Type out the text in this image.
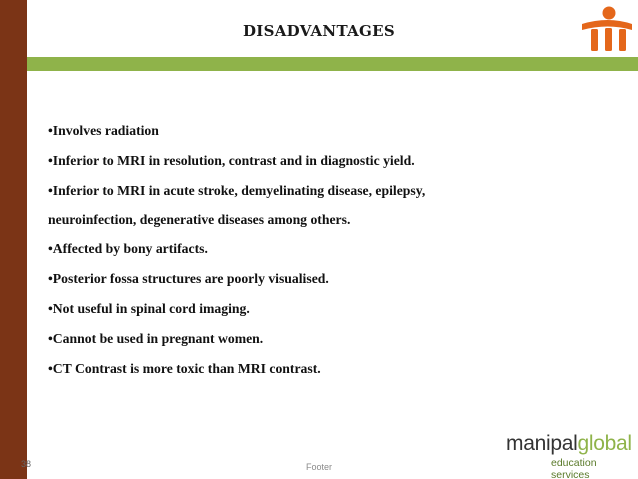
DISADVANTAGES
•Involves radiation
•Inferior to MRI in resolution, contrast and in diagnostic yield.
•Inferior to MRI in acute stroke, demyelinating disease, epilepsy,
neuroinfection, degenerative diseases among others.
•Affected by bony artifacts.
•Posterior fossa structures are poorly visualised.
•Not useful in spinal cord imaging.
•Cannot be used in pregnant women.
•CT Contrast is more toxic than MRI contrast.
38	Footer
manipalglobal
education services
